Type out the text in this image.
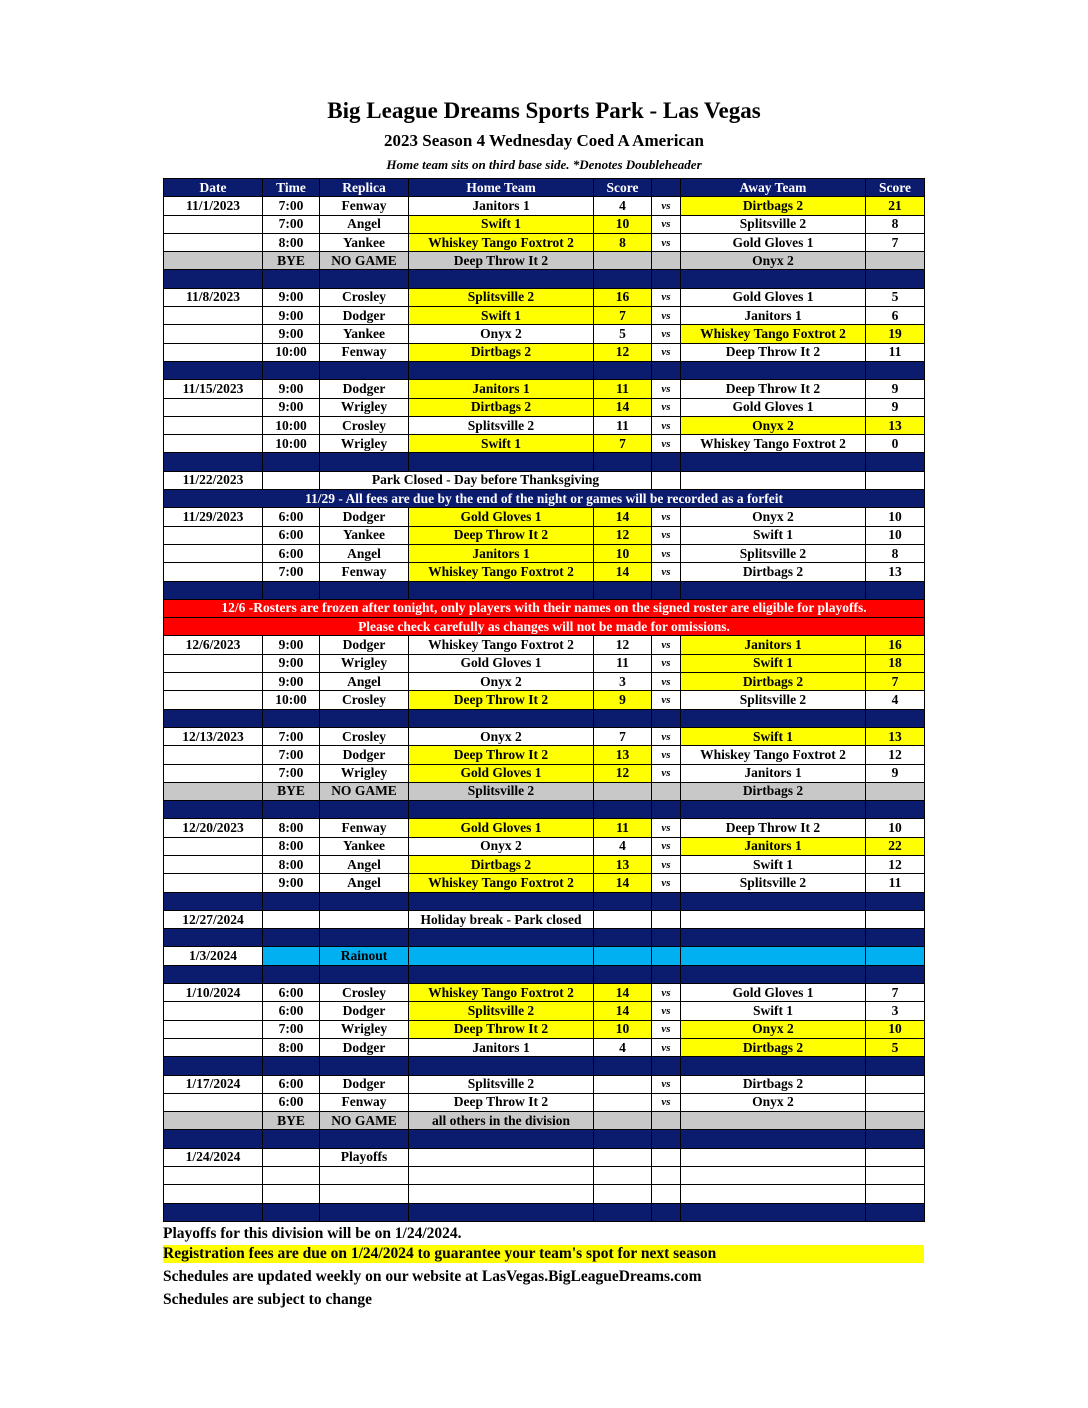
Big League Dreams Sports Park - Las Vegas
2023 Season 4 Wednesday Coed A American
Home team sits on third base side. *Denotes Doubleheader
Date	Time	Replica	Home Team	Score		Away Team	Score
11/1/2023	7:00	Fenway	Janitors 1	4	vs	Dirtbags 2	21
	7:00	Angel	Swift 1	10	vs	Splitsville 2	8
	8:00	Yankee	Whiskey Tango Foxtrot 2	8	vs	Gold Gloves 1	7
	BYE	NO GAME	Deep Throw It 2			Onyx 2	

11/8/2023	9:00	Crosley	Splitsville 2	16	vs	Gold Gloves 1	5
	9:00	Dodger	Swift 1	7	vs	Janitors 1	6
	9:00	Yankee	Onyx 2	5	vs	Whiskey Tango Foxtrot 2	19
	10:00	Fenway	Dirtbags 2	12	vs	Deep Throw It 2	11

11/15/2023	9:00	Dodger	Janitors 1	11	vs	Deep Throw It 2	9
	9:00	Wrigley	Dirtbags 2	14	vs	Gold Gloves 1	9
	10:00	Crosley	Splitsville 2	11	vs	Onyx 2	13
	10:00	Wrigley	Swift 1	7	vs	Whiskey Tango Foxtrot 2	0

11/22/2023		Park Closed - Day before Thanksgiving					
11/29 - All fees are due by the end of the night or games will be recorded as a forfeit							
11/29/2023	6:00	Dodger	Gold Gloves 1	14	vs	Onyx 2	10
	6:00	Yankee	Deep Throw It 2	12	vs	Swift 1	10
	6:00	Angel	Janitors 1	10	vs	Splitsville 2	8
	7:00	Fenway	Whiskey Tango Foxtrot 2	14	vs	Dirtbags 2	13

12/6 -Rosters are frozen after tonight, only players with their names on the signed roster are eligible for playoffs.							
Please check carefully as changes will not be made for omissions.							
12/6/2023	9:00	Dodger	Whiskey Tango Foxtrot 2	12	vs	Janitors 1	16
	9:00	Wrigley	Gold Gloves 1	11	vs	Swift 1	18
	9:00	Angel	Onyx 2	3	vs	Dirtbags 2	7
	10:00	Crosley	Deep Throw It 2	9	vs	Splitsville 2	4

12/13/2023	7:00	Crosley	Onyx 2	7	vs	Swift 1	13
	7:00	Dodger	Deep Throw It 2	13	vs	Whiskey Tango Foxtrot 2	12
	7:00	Wrigley	Gold Gloves 1	12	vs	Janitors 1	9
	BYE	NO GAME	Splitsville 2			Dirtbags 2	

12/20/2023	8:00	Fenway	Gold Gloves 1	11	vs	Deep Throw It 2	10
	8:00	Yankee	Onyx 2	4	vs	Janitors 1	22
	8:00	Angel	Dirtbags 2	13	vs	Swift 1	12
	9:00	Angel	Whiskey Tango Foxtrot 2	14	vs	Splitsville 2	11

12/27/2024			Holiday break - Park closed				

1/3/2024		Rainout					

1/10/2024	6:00	Crosley	Whiskey Tango Foxtrot 2	14	vs	Gold Gloves 1	7
	6:00	Dodger	Splitsville 2	14	vs	Swift 1	3
	7:00	Wrigley	Deep Throw It 2	10	vs	Onyx 2	10
	8:00	Dodger	Janitors 1	4	vs	Dirtbags 2	5

1/17/2024	6:00	Dodger	Splitsville 2		vs	Dirtbags 2	
	6:00	Fenway	Deep Throw It 2		vs	Onyx 2	
	BYE	NO GAME	all others in the division				

1/24/2024		Playoffs					

Playoffs for this division will be on 1/24/2024.
Registration fees are due on 1/24/2024 to guarantee your team's spot for next season
Schedules are updated weekly on our website at LasVegas.BigLeagueDreams.com
Schedules are subject to change
